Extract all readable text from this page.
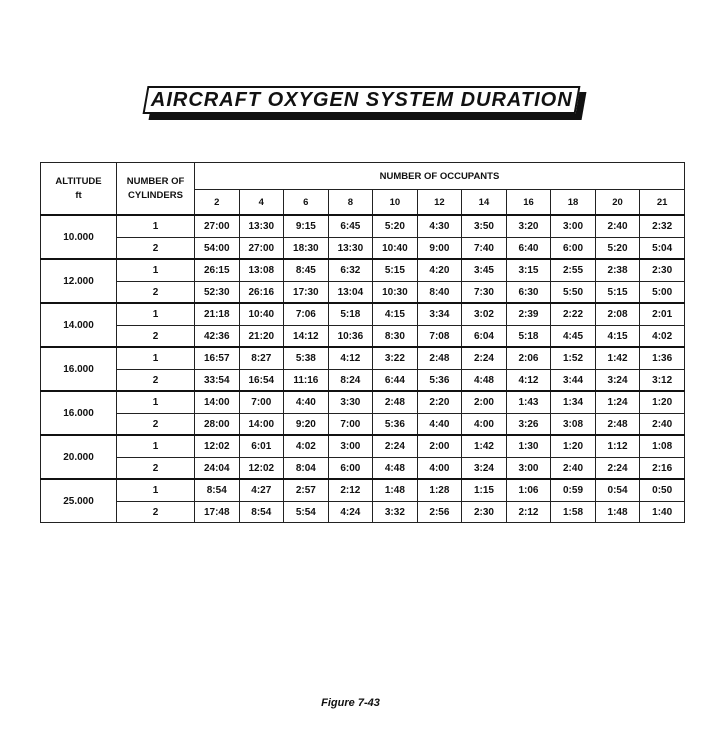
AIRCRAFT OXYGEN SYSTEM DURATION
ALTITUDE
ft	NUMBER OF
CYLINDERS	NUMBER OF OCCUPANTS										
		2	4	6	8	10	12	14	16	18	20	21
10.000	1	27:00	13:30	9:15	6:45	5:20	4:30	3:50	3:20	3:00	2:40	2:32
	2	54:00	27:00	18:30	13:30	10:40	9:00	7:40	6:40	6:00	5:20	5:04
12.000	1	26:15	13:08	8:45	6:32	5:15	4:20	3:45	3:15	2:55	2:38	2:30
	2	52:30	26:16	17:30	13:04	10:30	8:40	7:30	6:30	5:50	5:15	5:00
14.000	1	21:18	10:40	7:06	5:18	4:15	3:34	3:02	2:39	2:22	2:08	2:01
	2	42:36	21:20	14:12	10:36	8:30	7:08	6:04	5:18	4:45	4:15	4:02
16.000	1	16:57	8:27	5:38	4:12	3:22	2:48	2:24	2:06	1:52	1:42	1:36
	2	33:54	16:54	11:16	8:24	6:44	5:36	4:48	4:12	3:44	3:24	3:12
16.000	1	14:00	7:00	4:40	3:30	2:48	2:20	2:00	1:43	1:34	1:24	1:20
	2	28:00	14:00	9:20	7:00	5:36	4:40	4:00	3:26	3:08	2:48	2:40
20.000	1	12:02	6:01	4:02	3:00	2:24	2:00	1:42	1:30	1:20	1:12	1:08
	2	24:04	12:02	8:04	6:00	4:48	4:00	3:24	3:00	2:40	2:24	2:16
25.000	1	8:54	4:27	2:57	2:12	1:48	1:28	1:15	1:06	0:59	0:54	0:50
	2	17:48	8:54	5:54	4:24	3:32	2:56	2:30	2:12	1:58	1:48	1:40
Figure 7-43
